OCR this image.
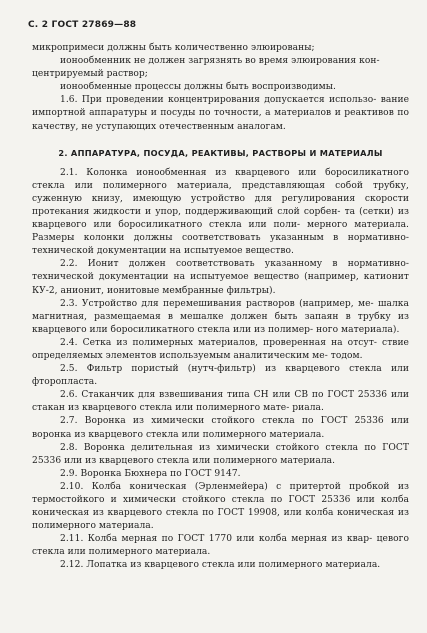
С. 2 ГОСТ 27869—88

микропримеси должны быть количественно элюированы;

ионообменник не должен загрязнять во время элюирования кон-

центрируемый раствор;

ионообменные процессы должны быть воспроизводимы.

1.6. При проведении концентрирования допускается использо- вание импортной аппаратуры и посуды по точности, а материалов и реактивов по качеству, не уступающих отечественным аналогам.

2. АППАРАТУРА, ПОСУДА, РЕАКТИВЫ, РАСТВОРЫ И МАТЕРИАЛЫ

2.1. Колонка ионообменная из кварцевого или боросиликатного стекла или полимерного материала, представляющая собой трубку, суженную книзу, имеющую устройство для регулирования скорости протекания жидкости и упор, поддерживающий слой сорбен- та (сетки) из кварцевого или боросиликатного стекла или поли- мерного материала. Размеры колонки должны соответствовать указанным в нормативно-технической документации на испытуемое вещество.

2.2. Ионит должен соответствовать указанному в нормативно- технической документации на испытуемое вещество (например, катионит КУ-2, анионит, ионитовые мембранные фильтры).

2.3. Устройство для перемешивания растворов (например, ме- шалка магнитная, размещаемая в мешалке должен быть запаян в трубку из кварцевого или боросиликатного стекла или из полимер- ного материала).

2.4. Сетка из полимерных материалов, проверенная на отсут- ствие определяемых элементов используемым аналитическим ме- тодом.

2.5. Фильтр пористый (нутч-фильтр) из кварцевого стекла или фторопласта.

2.6. Стаканчик для взвешивания типа СН или СВ по ГОСТ 25336 или стакан из кварцевого стекла или полимерного мате- риала.

2.7. Воронка из химически стойкого стекла по ГОСТ 25336 или воронка из кварцевого стекла или полимерного материала.

2.8. Воронка делительная из химически стойкого стекла по ГОСТ 25336 или из кварцевого стекла или полимерного материала.

2.9. Воронка Бюхнера по ГОСТ 9147.

2.10. Колба коническая (Эрленмейера) с притертой пробкой из термостойкого и химически стойкого стекла по ГОСТ 25336 или колба коническая из кварцевого стекла по ГОСТ 19908, или колба коническая из полимерного материала.

2.11. Колба мерная по ГОСТ 1770 или колба мерная из квар- цевого стекла или полимерного материала.

2.12. Лопатка из кварцевого стекла или полимерного материала.
